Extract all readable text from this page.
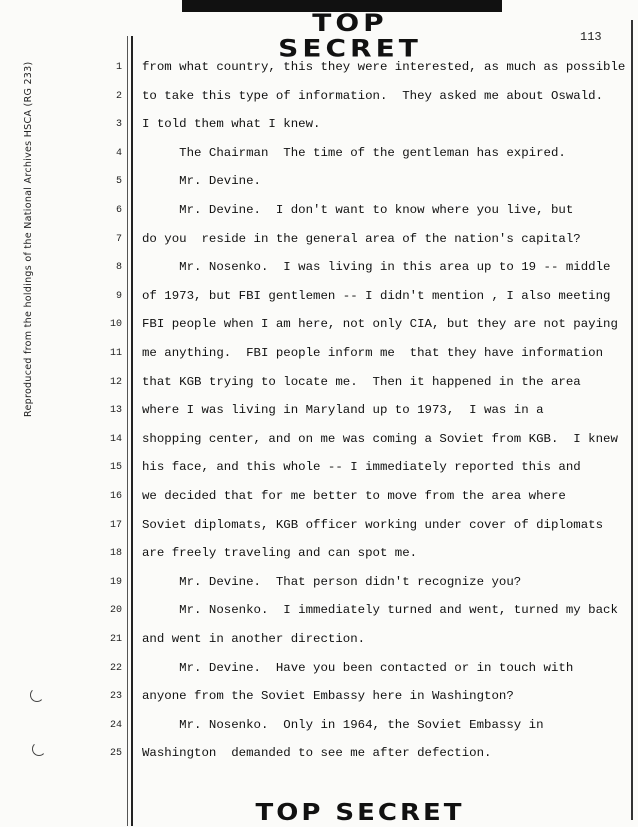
TOP SECRET	113
Reproduced from the holdings of the National Archives HSCA (RG 233)	1 from what country, this they were interested, as much as possible
2 to take this type of information.  They asked me about Oswald.
3 I told them what I knew.
4 The Chairman  The time of the gentleman has expired.
5 Mr. Devine.
6 Mr. Devine.  I don't want to know where you live, but
7 do you  reside in the general area of the nation's capital?
8 Mr. Nosenko.  I was living in this area up to 19 -- middle
9 of 1973, but FBI gentlemen -- I didn't mention , I also meeting
10 FBI people when I am here, not only CIA, but they are not paying
11 me anything.  FBI people inform me  that they have information
12 that KGB trying to locate me.  Then it happened in the area
13 where I was living in Maryland up to 1973,  I was in a
14 shopping center, and on me was coming a Soviet from KGB.  I knew
15 his face, and this whole -- I immediately reported this and
16 we decided that for me better to move from the area where
17 Soviet diplomats, KGB officer working under cover of diplomats
18 are freely traveling and can spot me.
19 Mr. Devine.  That person didn't recognize you?
20 Mr. Nosenko.  I immediately turned and went, turned my back
21 and went in another direction.
22 Mr. Devine.  Have you been contacted or in touch with
23 anyone from the Soviet Embassy here in Washington?
24 Mr. Nosenko.  Only in 1964, the Soviet Embassy in
25 Washington  demanded to see me after defection.
TOP SECRET
